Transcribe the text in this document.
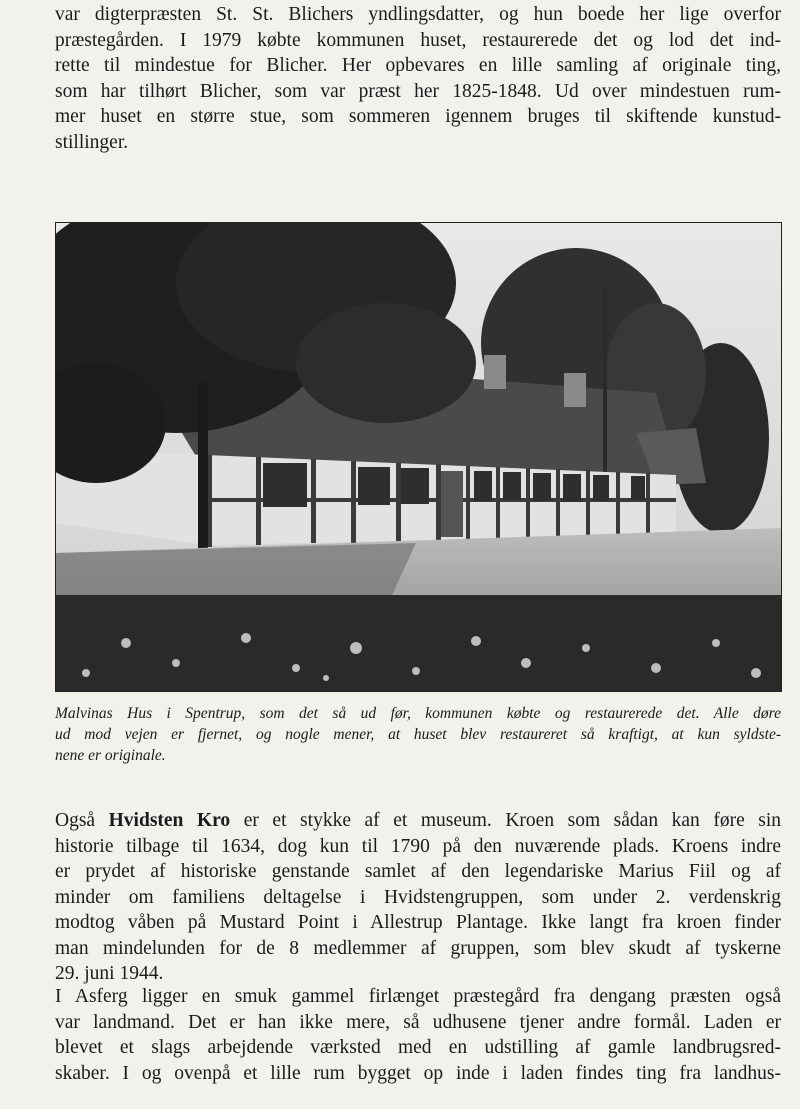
var digterpræsten St. St. Blichers yndlingsdatter, og hun boede her lige overfor
præstegården. I 1979 købte kommunen huset, restaurerede det og lod det ind-
rette til mindestue for Blicher. Her opbevares en lille samling af originale ting,
som har tilhørt Blicher, som var præst her 1825-1848. Ud over mindestuen rum-
mer huset en større stue, som sommeren igennem bruges til skiftende kunstud-
stillinger.

Malvinas Hus i Spentrup, som det så ud før, kommunen købte og restaurerede det. Alle døre
ud mod vejen er fjernet, og nogle mener, at huset blev restaureret så kraftigt, at kun syldste-
nene er originale.

Også Hvidsten Kro er et stykke af et museum. Kroen som sådan kan føre sin
historie tilbage til 1634, dog kun til 1790 på den nuværende plads. Kroens indre
er prydet af historiske genstande samlet af den legendariske Marius Fiil og af
minder om familiens deltagelse i Hvidstengruppen, som under 2. verdenskrig
modtog våben på Mustard Point i Allestrup Plantage. Ikke langt fra kroen finder
man mindelunden for de 8 medlemmer af gruppen, som blev skudt af tyskerne
29. juni 1944.

I Asferg ligger en smuk gammel firlænget præstegård fra dengang præsten også
var landmand. Det er han ikke mere, så udhusene tjener andre formål. Laden er
blevet et slags arbejdende værksted med en udstilling af gamle landbrugsred-
skaber. I og ovenpå et lille rum bygget op inde i laden findes ting fra landhus-
